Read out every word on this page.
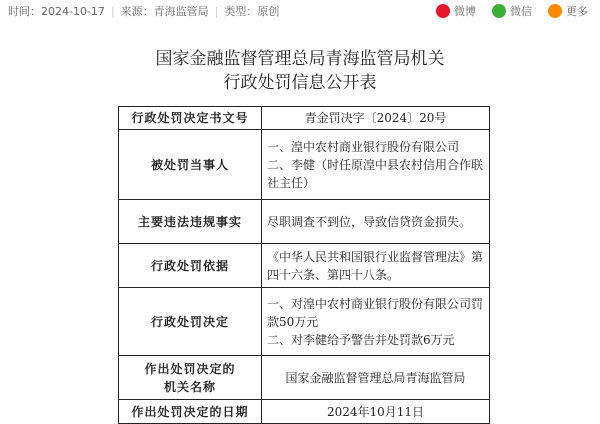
时间：2024-10-17 | 来源：青海监管局 | 类型：原创	微博	微信	更多
国家金融监督管理总局青海监管局机关
行政处罚信息公开表
行政处罚决定书文号	青金罚决字〔2024〕20号
被处罚当事人	一、湟中农村商业银行股份有限公司
二、李健（时任原湟中县农村信用合作联社主任）

主要违法违规事实	尽职调查不到位，导致信贷资金损失。
行政处罚依据	《中华人民共和国银行业监督管理法》第四十六条、第四十八条。
行政处罚决定	一、对湟中农村商业银行股份有限公司罚款50万元
二、对李健给予警告并处罚款6万元

作出处罚决定的
机关名称	国家金融监督管理总局青海监管局
作出处罚决定的日期	2024年10月11日
